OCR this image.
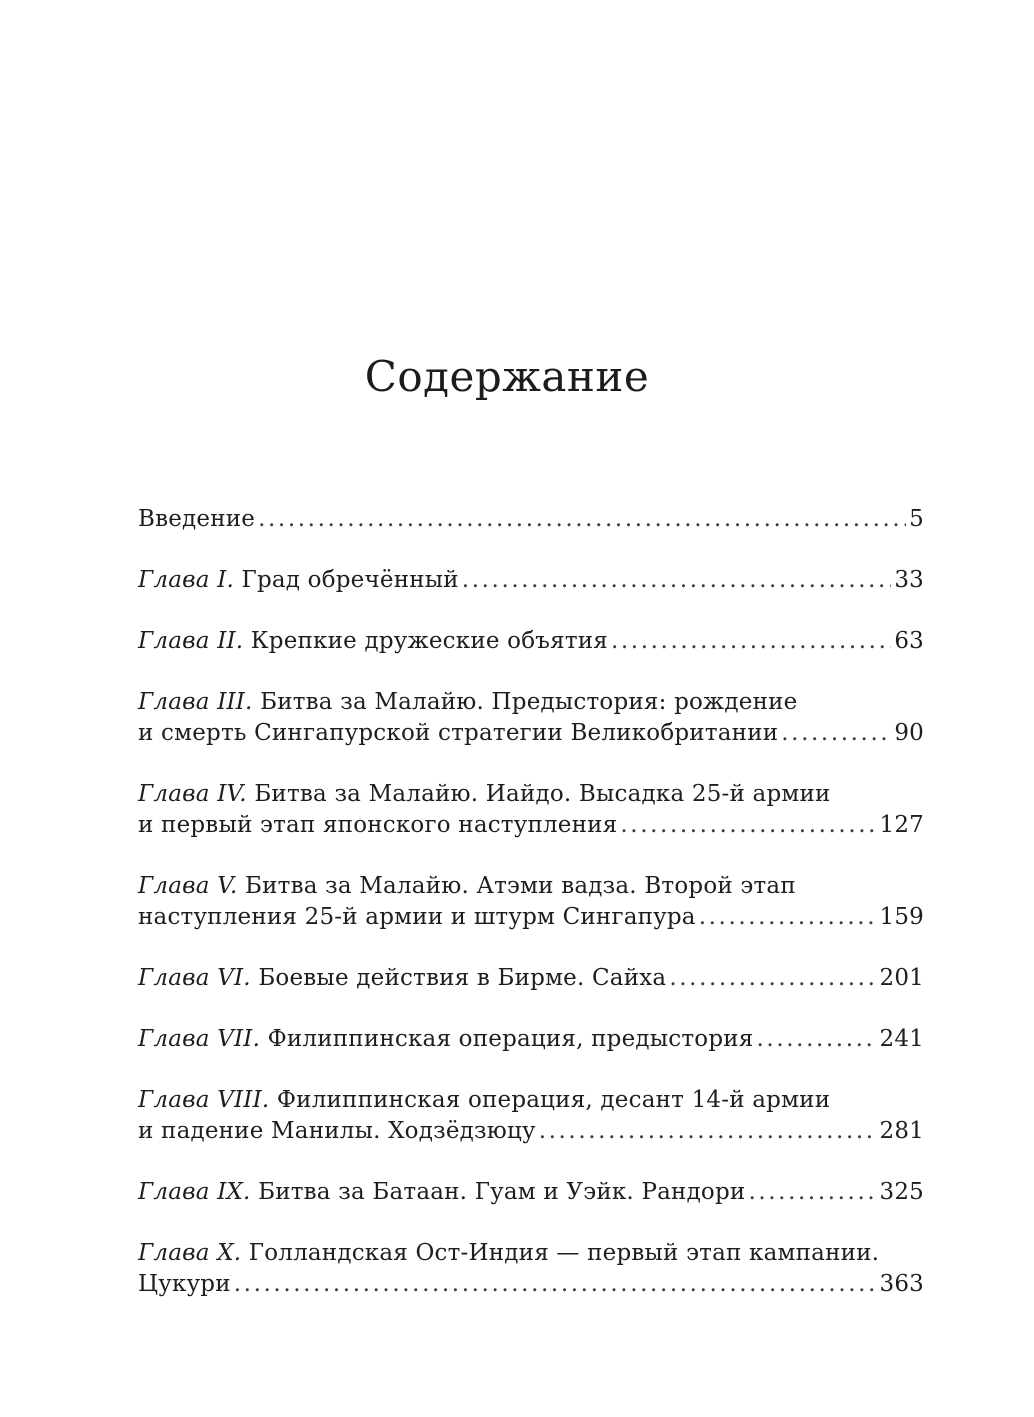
Содержание
Введение .....	5
Глава I. Град обречённый .....	33
Глава II. Крепкие дружеские объятия .....	63
Глава III. Битва за Малайю. Предыстория: рождение
и смерть Сингапурской стратегии Великобритании .....	90
Глава IV. Битва за Малайю. Иайдо. Высадка 25-й армии
и первый этап японского наступления .....	127
Глава V. Битва за Малайю. Атэми вадза. Второй этап
наступления 25-й армии и штурм Сингапура .....	159
Глава VI. Боевые действия в Бирме. Сайха .....	201
Глава VII. Филиппинская операция, предыстория .....	241
Глава VIII. Филиппинская операция, десант 14-й армии
и падение Манилы. Ходзёдзюцу .....	281
Глава IX. Битва за Батаан. Гуам и Уэйк. Рандори .....	325
Глава X. Голландская Ост-Индия — первый этап кампании.
Цукури .....	363
